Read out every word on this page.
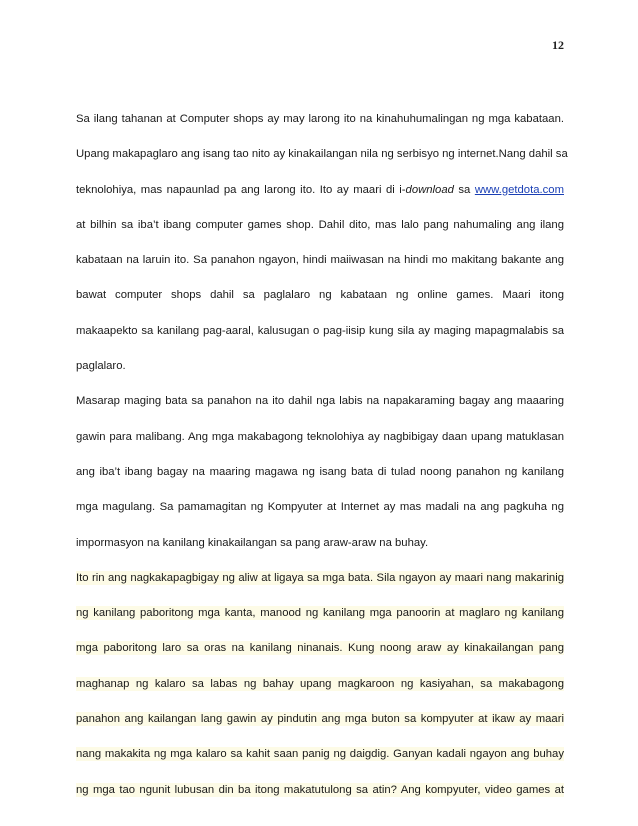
12
Sa ilang tahanan at Computer shops ay may larong ito na kinahuhumalingan ng mga kabataan.
Upang makapaglaro ang isang tao nito ay kinakailangan nila ng serbisyo ng internet.Nang dahil sa
teknolohiya, mas napaunlad pa ang larong ito. Ito ay maari di i-download sa www.getdota.com
at bilhin sa iba’t ibang computer games shop. Dahil dito, mas lalo pang nahumaling ang ilang
kabataan na laruin ito. Sa panahon ngayon, hindi maiiwasan na hindi mo makitang bakante ang
bawat computer shops dahil sa paglalaro ng kabataan ng online games. Maari itong
makaapekto sa kanilang pag-aaral, kalusugan o pag-iisip kung sila ay maging mapagmalabis sa
paglalaro.
Masarap maging bata sa panahon na ito dahil nga labis na napakaraming bagay ang maaaring
gawin para malibang. Ang mga makabagong teknolohiya ay nagbibigay daan upang matuklasan
ang iba’t ibang bagay na maaring magawa ng isang bata di tulad noong panahon ng kanilang
mga magulang. Sa pamamagitan ng Kompyuter at Internet ay mas madali na ang pagkuha ng
impormasyon na kanilang kinakailangan sa pang araw-araw na buhay.
Ito rin ang nagkakapagbigay ng aliw at ligaya sa mga bata. Sila ngayon ay maari nang makarinig
ng kanilang paboritong mga kanta, manood ng kanilang mga panoorin at maglaro ng kanilang
mga paboritong laro sa oras na kanilang ninanais. Kung noong araw ay kinakailangan pang
maghanap ng kalaro sa labas ng bahay upang magkaroon ng kasiyahan, sa makabagong
panahon ang kailangan lang gawin ay pindutin ang mga buton sa kompyuter at ikaw ay maari
nang makakita ng mga kalaro sa kahit saan panig ng daigdig. Ganyan kadali ngayon ang buhay
ng mga tao ngunit lubusan din ba itong makatutulong sa atin? Ang kompyuter, video games at
